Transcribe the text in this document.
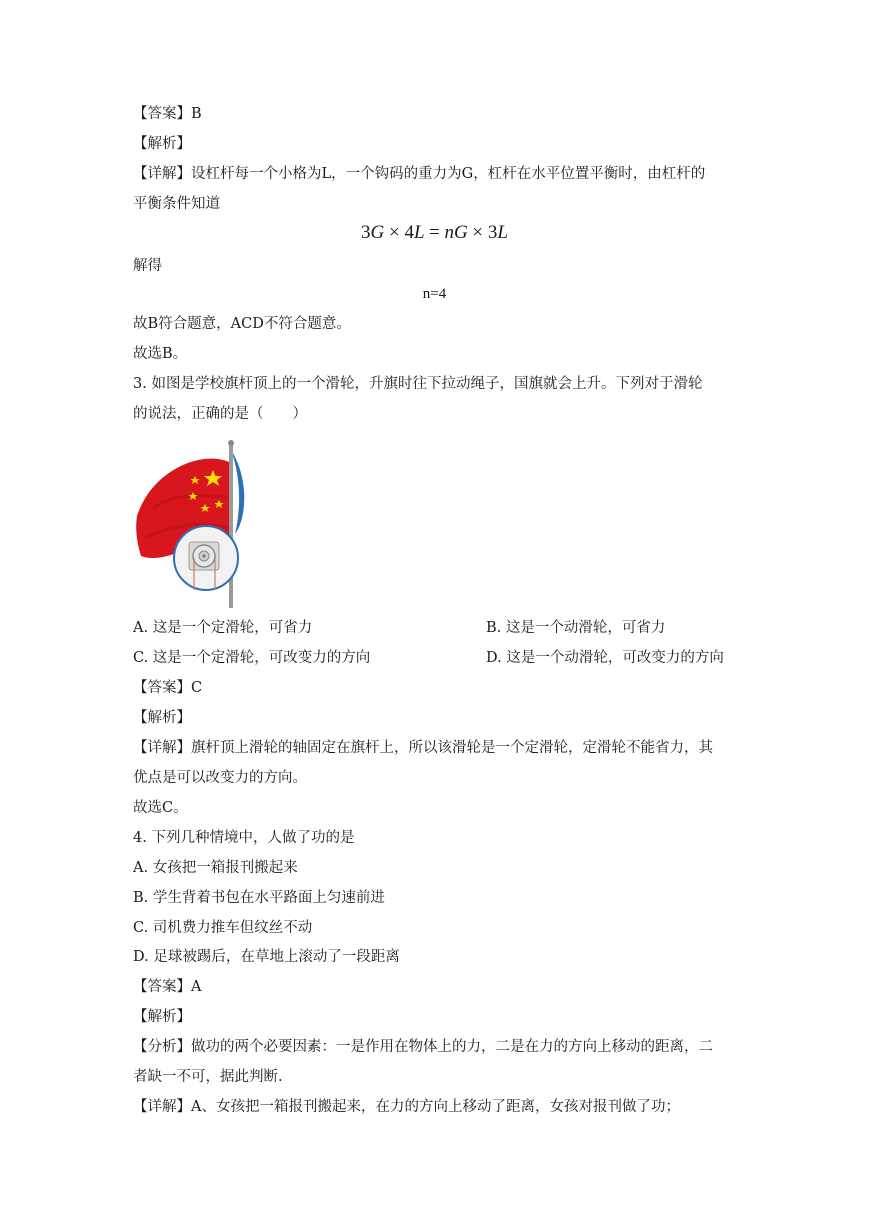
【答案】B
【解析】
【详解】设杠杆每一个小格为L，一个钩码的重力为G，杠杆在水平位置平衡时，由杠杆的
平衡条件知道
3G × 4L = nG × 3L
解得
n=4
故B符合题意，ACD不符合题意。
故选B。
3. 如图是学校旗杆顶上的一个滑轮，升旗时往下拉动绳子，国旗就会上升。下列对于滑轮
的说法，正确的是（　　）
A. 这是一个定滑轮，可省力	B. 这是一个动滑轮，可省力
C. 这是一个定滑轮，可改变力的方向	D. 这是一个动滑轮，可改变力的方向
【答案】C
【解析】
【详解】旗杆顶上滑轮的轴固定在旗杆上，所以该滑轮是一个定滑轮，定滑轮不能省力，其
优点是可以改变力的方向。
故选C。
4. 下列几种情境中，人做了功的是
A. 女孩把一箱报刊搬起来
B. 学生背着书包在水平路面上匀速前进
C. 司机费力推车但纹丝不动
D. 足球被踢后，在草地上滚动了一段距离
【答案】A
【解析】
【分析】做功的两个必要因素：一是作用在物体上的力，二是在力的方向上移动的距离，二
者缺一不可，据此判断.
【详解】A、女孩把一箱报刊搬起来，在力的方向上移动了距离，女孩对报刊做了功；
